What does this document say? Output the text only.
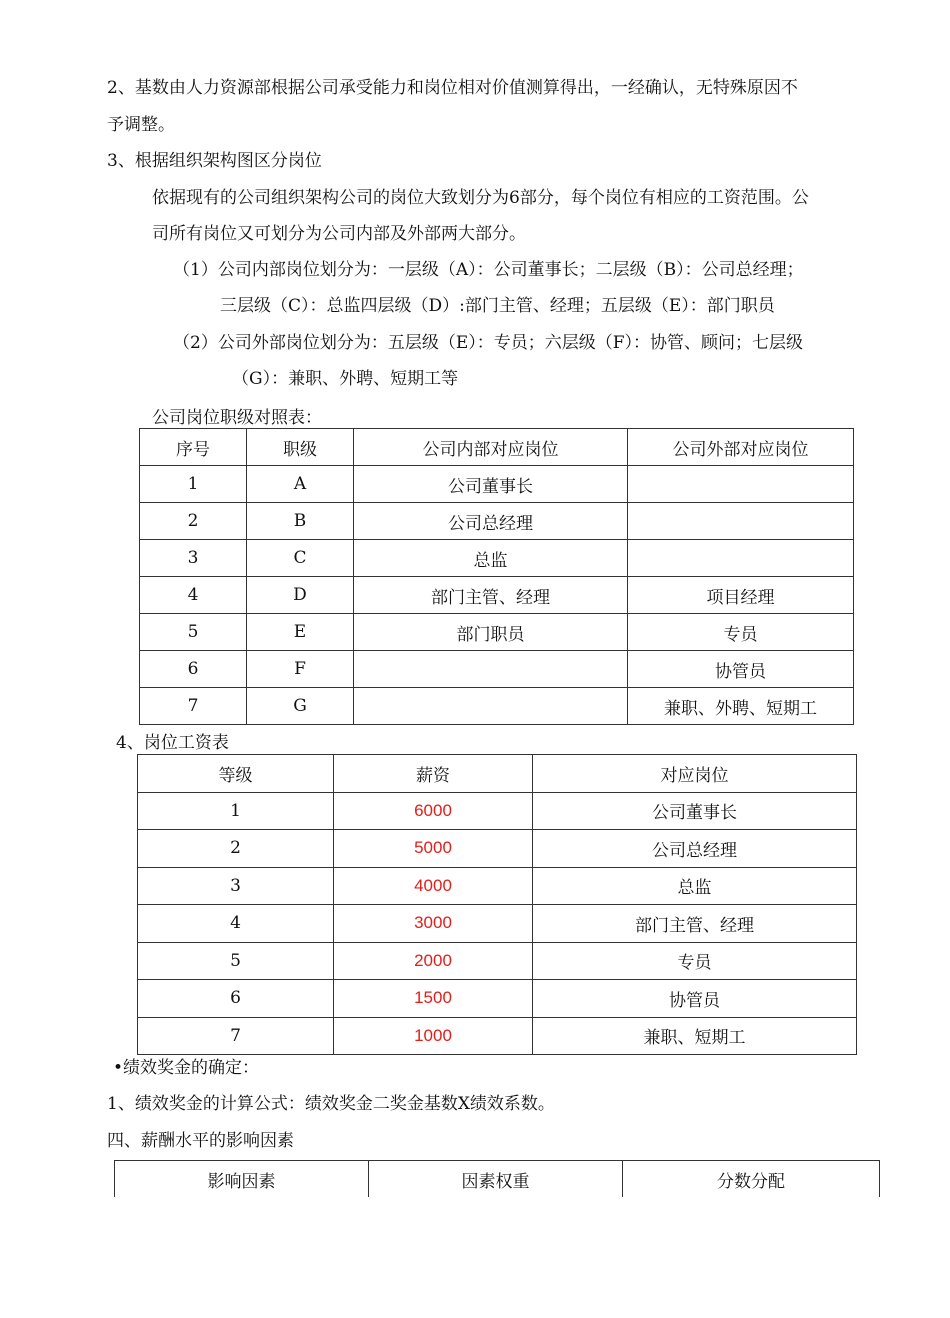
2、基数由人力资源部根据公司承受能力和岗位相对价值测算得出，一经确认，无特殊原因不
予调整。
3、根据组织架构图区分岗位
依据现有的公司组织架构公司的岗位大致划分为6部分，每个岗位有相应的工资范围。公
司所有岗位又可划分为公司内部及外部两大部分。
（1）公司内部岗位划分为：一层级（A）：公司董事长；二层级（B）：公司总经理；
三层级（C）：总监四层级（D）:部门主管、经理；五层级（E）：部门职员
（2）公司外部岗位划分为：五层级（E）：专员；六层级（F）：协管、顾问；七层级
（G）：兼职、外聘、短期工等
公司岗位职级对照表：
序号	职级	公司内部对应岗位	公司外部对应岗位
1	A	公司董事长	
2	B	公司总经理	
3	C	总监	
4	D	部门主管、经理	项目经理
5	E	部门职员	专员
6	F		协管员
7	G		兼职、外聘、短期工
4、岗位工资表
等级	薪资	对应岗位
1	6000	公司董事长
2	5000	公司总经理
3	4000	总监
4	3000	部门主管、经理
5	2000	专员
6	1500	协管员
7	1000	兼职、短期工
•绩效奖金的确定：
1、绩效奖金的计算公式：绩效奖金二奖金基数X绩效系数。
四、薪酬水平的影响因素
影响因素	因素权重	分数分配
